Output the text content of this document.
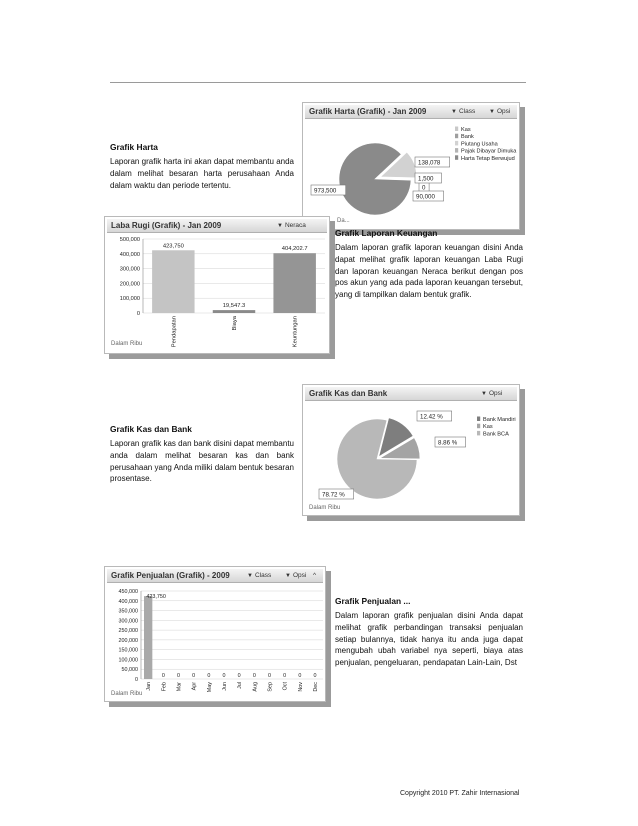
Grafik Harta
Laporan grafik harta ini akan dapat membantu anda dalam melihat besaran harta perusahaan Anda dalam waktu dan periode tertentu.
Grafik Harta (Grafik) - Jan 2009	▼ Class ▼ Opsi
Kas
Bank
Piutang Usaha
Pajak Dibayar Dimuka
Harta Tetap Berwujud
0
138,078
1,500
973,500
90,000
Da...
Laba Rugi (Grafik) - Jan 2009	▼ Neraca
0
100,000
200,000
300,000
400,000
500,000
423,750
Pendapatan
19,547.3
Biaya
404,202.7
Keuntungan
Dalam Ribu
Grafik Laporan Keuangan
Dalam laporan grafik laporan keuangan disini Anda dapat melihat grafik laporan keuangan Laba Rugi dan laporan keuangan Neraca berikut dengan pos pos akun yang ada pada laporan keuangan tersebut, yang di tampilkan dalam bentuk grafik.
Grafik Kas dan Bank
Laporan grafik kas dan bank disini dapat membantu anda dalam melihat besaran kas dan bank perusahaan yang Anda miliki dalam bentuk besaran prosentase.
Grafik Kas dan Bank	▼ Opsi
Bank Mandiri
Kas
Bank BCA
12.42 %
8.86 %
78.72 %
Dalam Ribu
Grafik Penjualan (Grafik) - 2009	▼ Class ▼ Opsi ^
0
50,000
100,000
150,000
200,000
250,000
300,000
350,000
400,000
450,000
423,750
Jan
0
Feb
0
Mar
0
Apr
0
May
0
Jun
0
Jul
0
Aug
0
Sep
0
Oct
0
Nov
0
Dec
Dalam Ribu
Grafik Penjualan ...
Dalam laporan grafik penjualan disini Anda dapat melihat grafik perbandingan transaksi penjualan setiap bulannya, tidak hanya itu anda juga dapat mengubah ubah variabel nya seperti, biaya atas penjualan, pengeluaran, pendapatan Lain-Lain, Dst
Copyright 2010 PT. Zahir Internasional
